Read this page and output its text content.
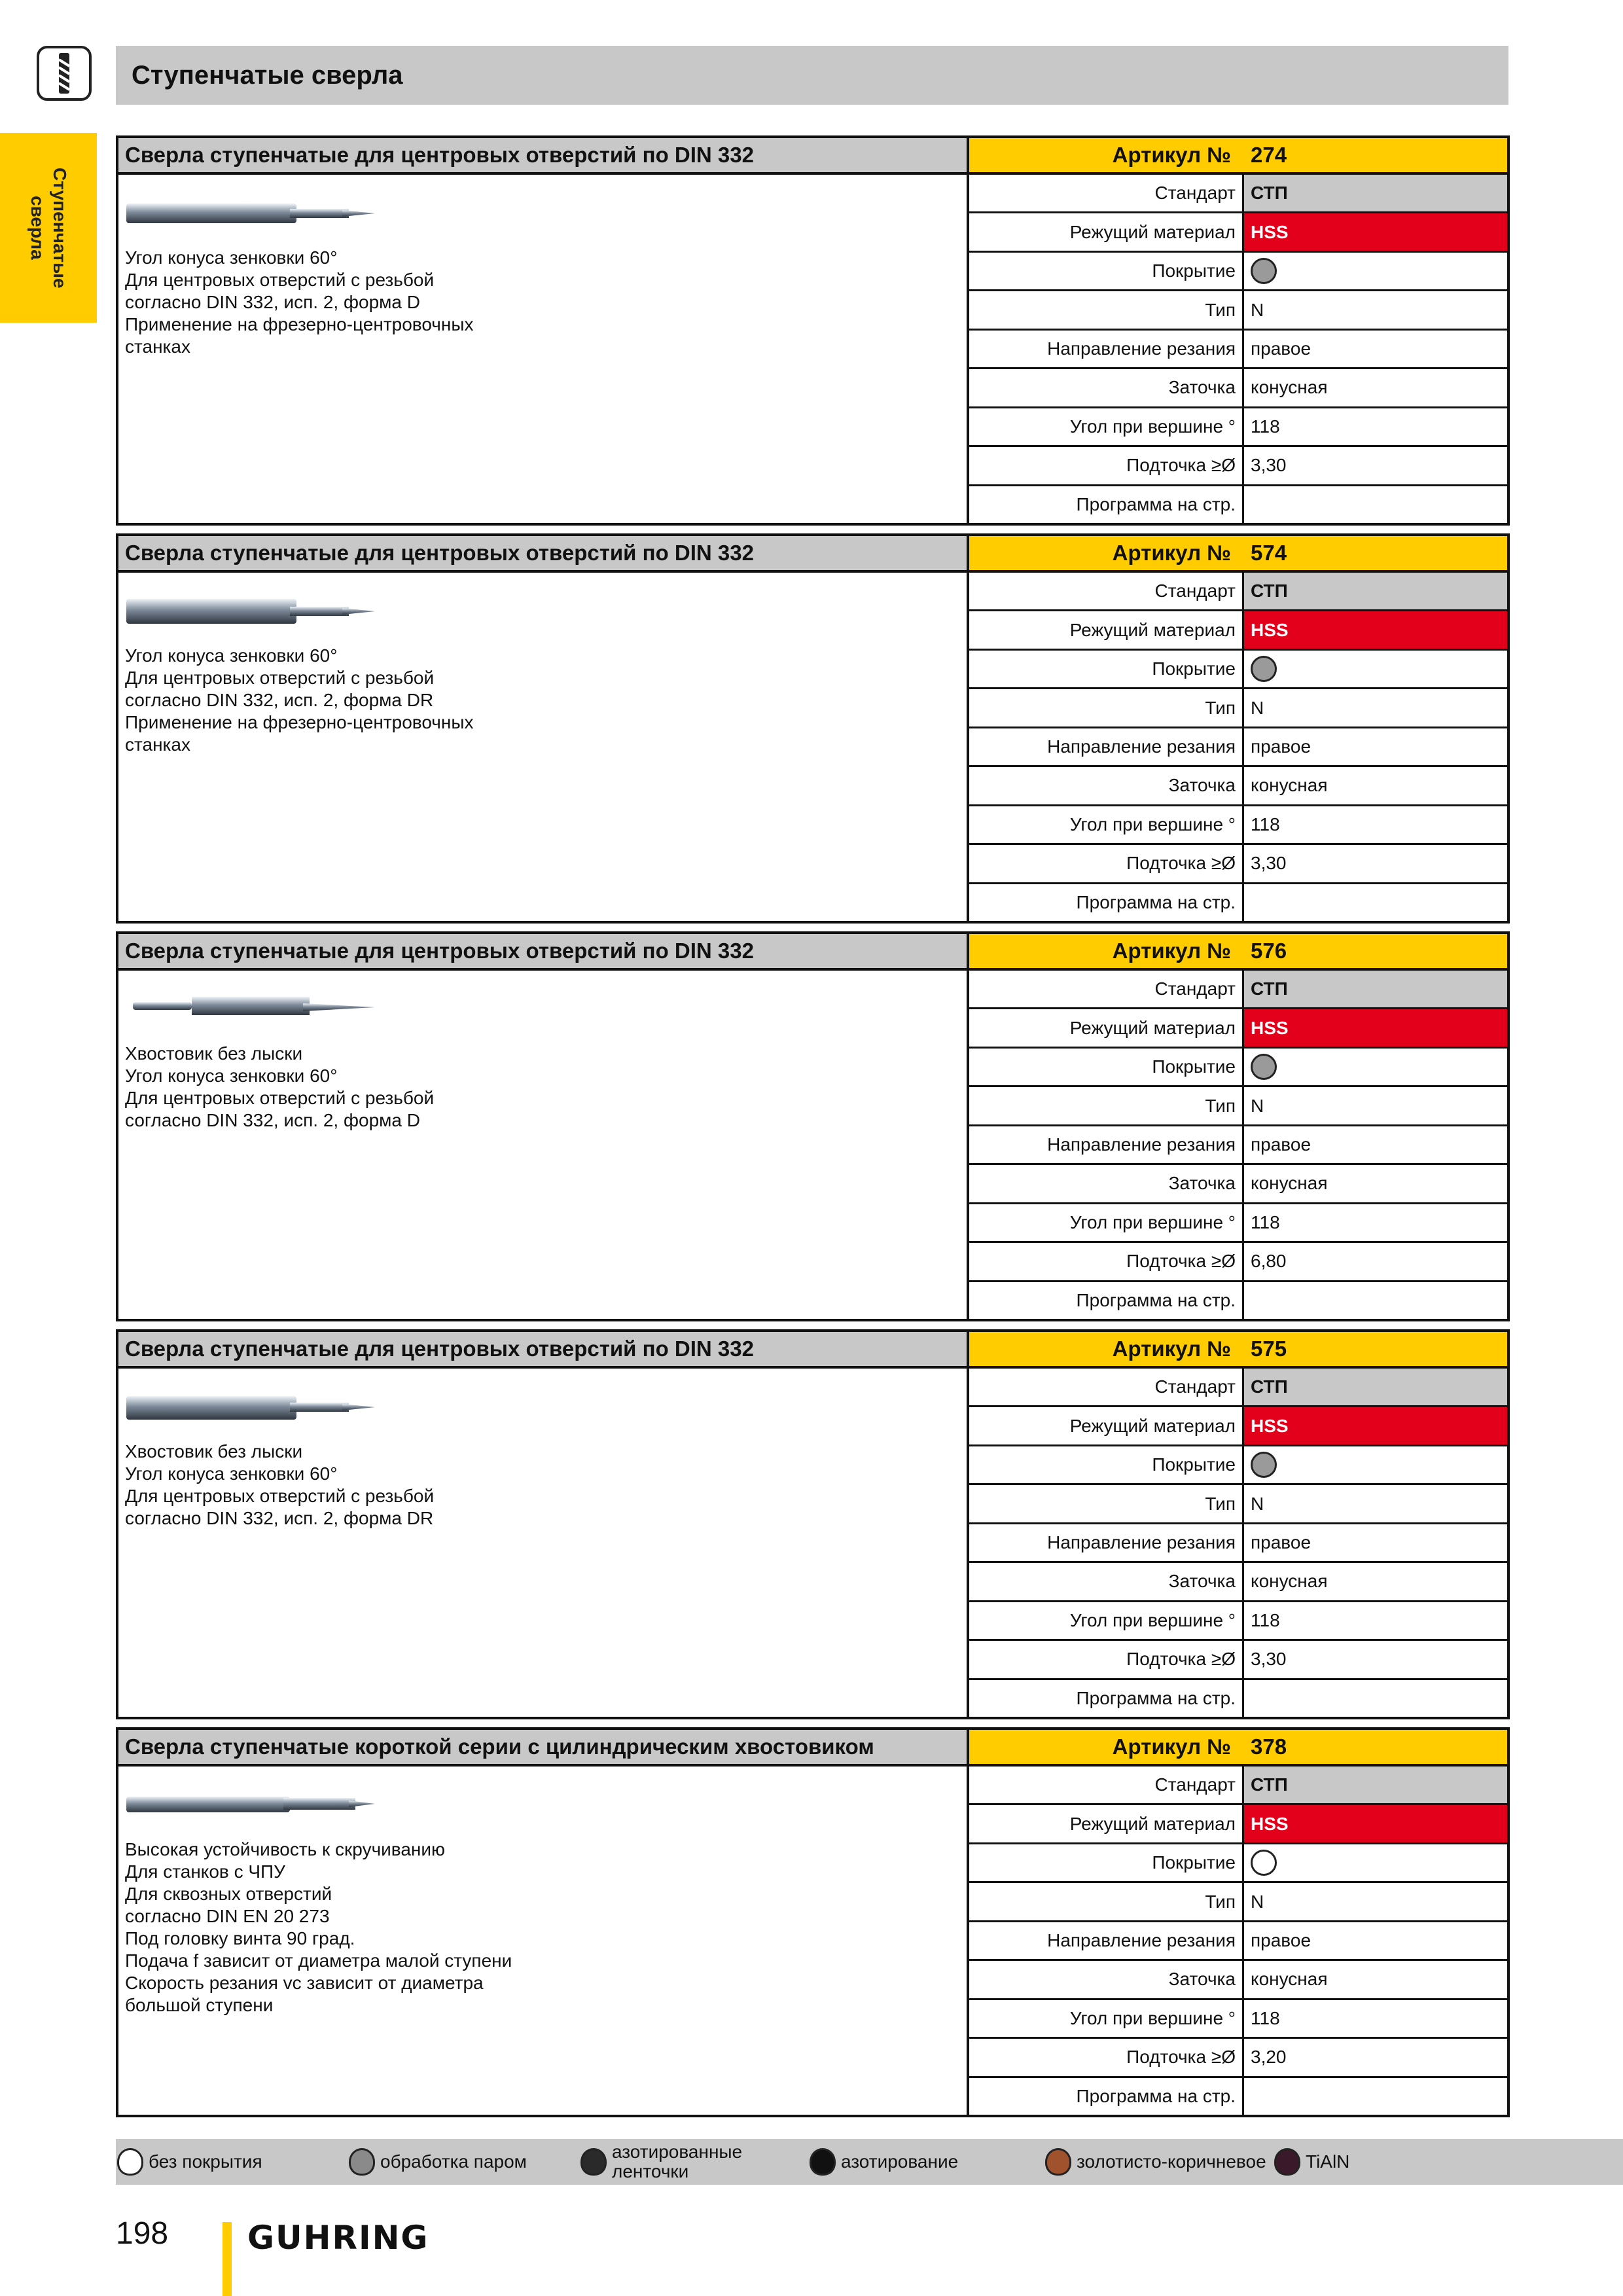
Ступенчатые сверла
Ступенчатые
сверла
Сверла ступенчатые для центровых отверстий по DIN 332	Артикул № 274
Угол конуса зенковки 60°
Для центровых отверстий с резьбой
согласно DIN 332, исп. 2, форма D
Применение на фрезерно-центровочных
станках
Стандарт СТП
Режущий материал HSS
Покрытие
Тип N
Направление резания правое
Заточка конусная
Угол при вершине ° 118
Подточка ≥Ø 3,30
Программа на стр.
Сверла ступенчатые для центровых отверстий по DIN 332	Артикул № 574
Угол конуса зенковки 60°
Для центровых отверстий с резьбой
согласно DIN 332, исп. 2, форма DR
Применение на фрезерно-центровочных
станках
Стандарт СТП
Режущий материал HSS
Покрытие
Тип N
Направление резания правое
Заточка конусная
Угол при вершине ° 118
Подточка ≥Ø 3,30
Программа на стр.
Сверла ступенчатые для центровых отверстий по DIN 332	Артикул № 576
Хвостовик без лыски
Угол конуса зенковки 60°
Для центровых отверстий с резьбой
согласно DIN 332, исп. 2, форма D
Стандарт СТП
Режущий материал HSS
Покрытие
Тип N
Направление резания правое
Заточка конусная
Угол при вершине ° 118
Подточка ≥Ø 6,80
Программа на стр.
Сверла ступенчатые для центровых отверстий по DIN 332	Артикул № 575
Хвостовик без лыски
Угол конуса зенковки 60°
Для центровых отверстий с резьбой
согласно DIN 332, исп. 2, форма DR
Стандарт СТП
Режущий материал HSS
Покрытие
Тип N
Направление резания правое
Заточка конусная
Угол при вершине ° 118
Подточка ≥Ø 3,30
Программа на стр.
Сверла ступенчатые короткой серии с цилиндрическим хвостовиком	Артикул № 378
Высокая устойчивость к скручиванию
Для станков с ЧПУ
Для сквозных отверстий
согласно DIN EN 20 273
Под головку винта 90 град.
Подача f зависит от диаметра малой ступени
Скорость резания vc зависит от диаметра
большой ступени
Стандарт СТП
Режущий материал HSS
Покрытие
Тип N
Направление резания правое
Заточка конусная
Угол при вершине ° 118
Подточка ≥Ø 3,20
Программа на стр.
без покрытия	обработка паром	азотированные
ленточки	азотирование	золотисто-коричневое TiAlN
198 GUHRING
